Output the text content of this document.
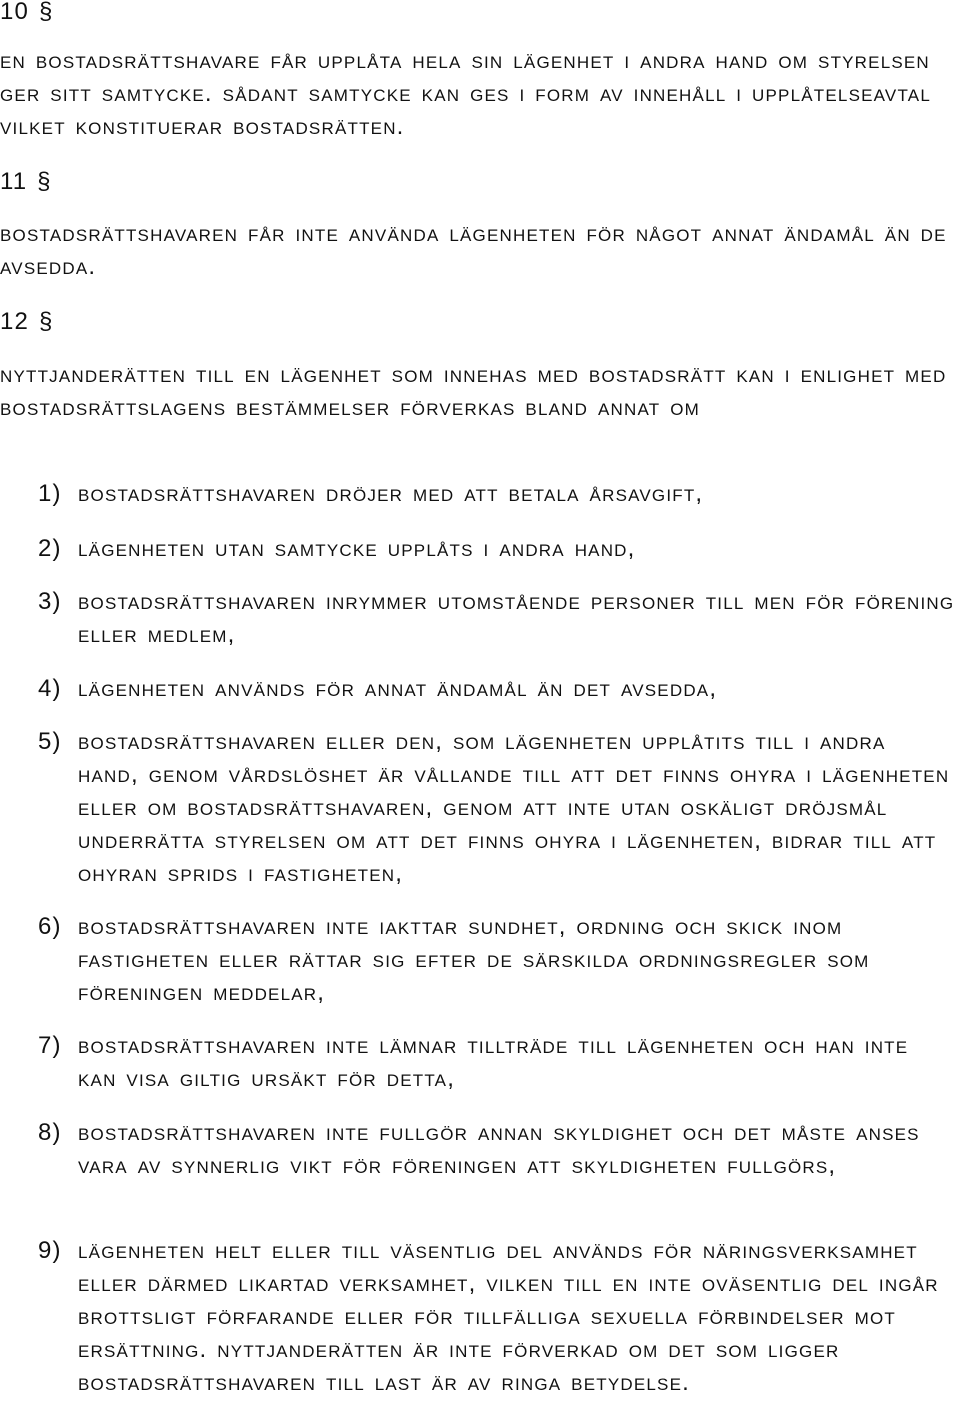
10 §
en bostadsrättshavare får upplåta hela sin lägenhet i andra hand om styrelsen ger sitt samtycke. sådant samtycke kan ges i form av innehåll i upplåtelseavtal vilket konstituerar bostadsrätten.
11 §
bostadsrättshavaren får inte använda lägenheten för något annat ändamål än de avsedda.
12 §
nyttjanderätten till en lägenhet som innehas med bostadsrätt kan i enlighet med bostadsrättslagens bestämmelser förverkas bland annat om
1) bostadsrättshavaren dröjer med att betala årsavgift,
2) lägenheten utan samtycke upplåts i andra hand,
3) bostadsrättshavaren inrymmer utomstående personer till men för förening eller medlem,
4) lägenheten används för annat ändamål än det avsedda,
5) bostadsrättshavaren eller den, som lägenheten upplåtits till i andra hand, genom vårdslöshet är vållande till att det finns ohyra i lägenheten eller om bostadsrättshavaren, genom att inte utan oskäligt dröjsmål underrätta styrelsen om att det finns ohyra i lägenheten, bidrar till att ohyran sprids i fastigheten,
6) bostadsrättshavaren inte iakttar sundhet, ordning och skick inom fastigheten eller rättar sig efter de särskilda ordningsregler som föreningen meddelar,
7) bostadsrättshavaren inte lämnar tillträde till lägenheten och han inte kan visa giltig ursäkt för detta,
8) bostadsrättshavaren inte fullgör annan skyldighet och det måste anses vara av synnerlig vikt för föreningen att skyldigheten fullgörs,
9) lägenheten helt eller till väsentlig del används för näringsverksamhet eller därmed likartad verksamhet, vilken till en inte oväsentlig del ingår brottsligt förfarande eller för tillfälliga sexuella förbindelser mot ersättning. nyttjanderätten är inte förverkad om det som ligger bostadsrättshavaren till last är av ringa betydelse.
